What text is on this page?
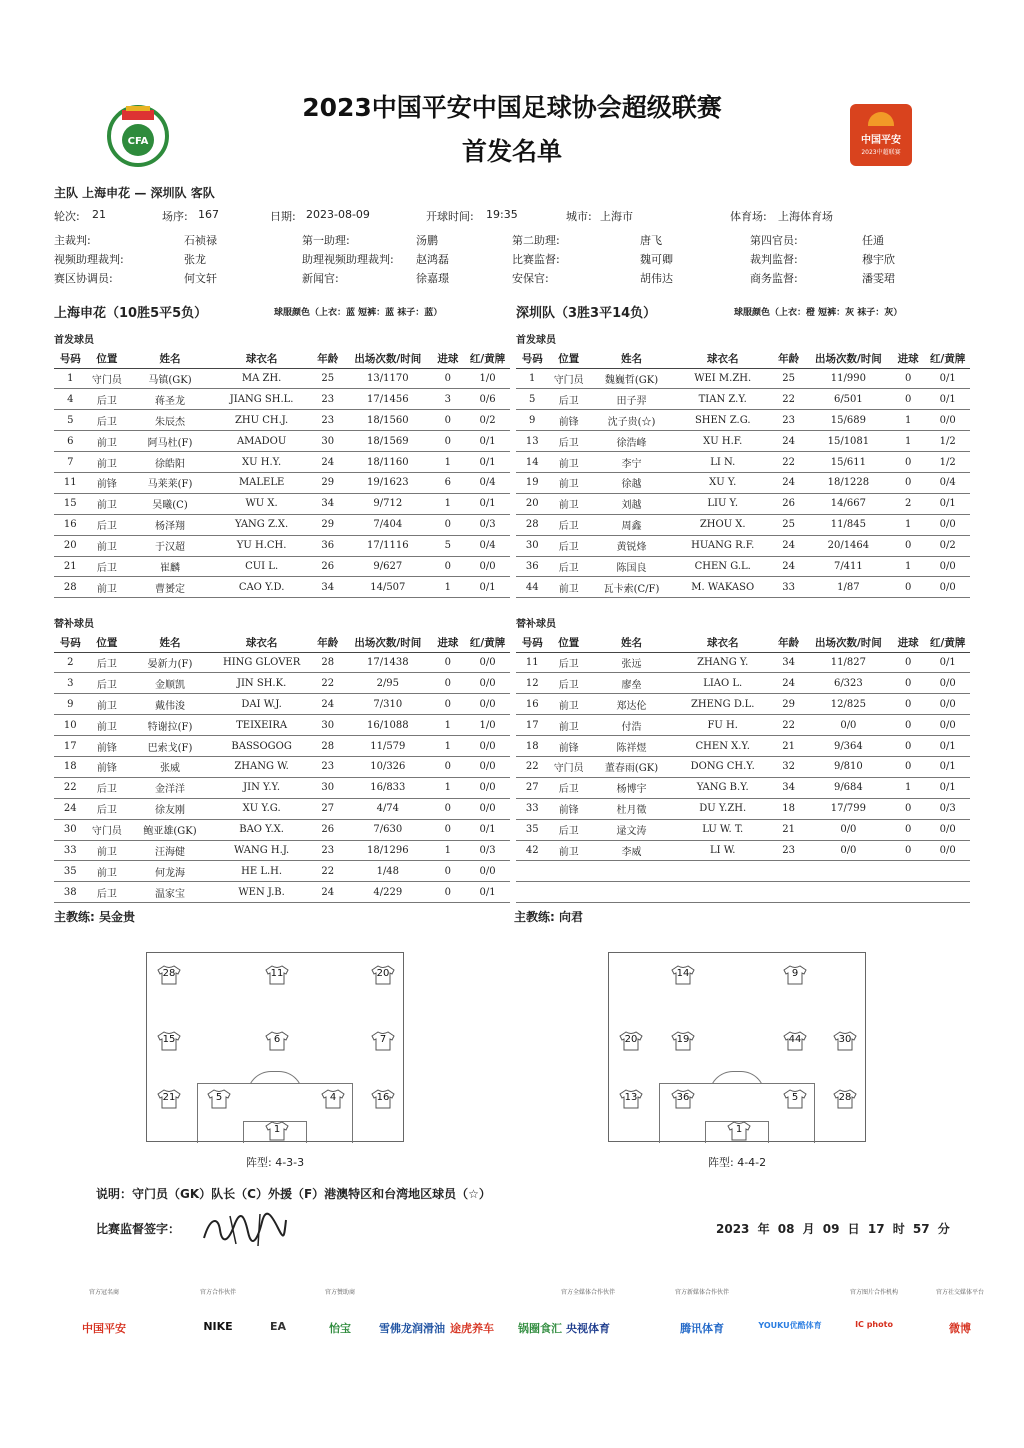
CFA
2023中国平安中国足球协会超级联赛
首发名单	中国平安
2023中超联赛
主队 上海申花 — 深圳队 客队
轮次: 21	场序: 167	日期: 2023-08-09	开球时间: 19:35	城市: 上海市	体育场: 上海体育场
主裁判:	石祯禄	第一助理:	汤鹏	第二助理:	唐飞	第四官员:	任通
视频助理裁判:	张龙	助理视频助理裁判: 赵鸿磊	比赛监督:	魏可卿	裁判监督:	穆宇欣
赛区协调员:	何文轩	新闻官:	徐嘉璟	安保官:	胡伟达	商务监督:	潘雯珺
上海申花（10胜5平5负）	球服颜色（上衣：蓝 短裤：蓝 袜子：蓝）	深圳队（3胜3平14负）	球服颜色（上衣：橙 短裤：灰 袜子：灰）
首发球员	首发球员
号码	位置	姓名	球衣名	年龄	出场次数/时间	进球	红/黄牌
1	守门员	马镇(GK)	MA ZH.	25	13/1170	0	1/0
4	后卫	蒋圣龙	JIANG SH.L.	23	17/1456	3	0/6
5	后卫	朱辰杰	ZHU CH.J.	23	18/1560	0	0/2
6	前卫	阿马杜(F)	AMADOU	30	18/1569	0	0/1
7	前卫	徐皓阳	XU H.Y.	24	18/1160	1	0/1
11	前锋	马莱莱(F)	MALELE	29	19/1623	6	0/4
15	前卫	吴曦(C)	WU X.	34	9/712	1	0/1
16	后卫	杨泽翔	YANG Z.X.	29	7/404	0	0/3
20	前卫	于汉超	YU H.CH.	36	17/1116	5	0/4
21	后卫	崔麟	CUI L.	26	9/627	0	0/0
28	前卫	曹赟定	CAO Y.D.	34	14/507	1	0/1
号码	位置	姓名	球衣名	年龄	出场次数/时间	进球	红/黄牌
1	守门员	魏巍哲(GK)	WEI M.ZH.	25	11/990	0	0/1
5	后卫	田子羿	TIAN Z.Y.	22	6/501	0	0/1
9	前锋	沈子贵(☆)	SHEN Z.G.	23	15/689	1	0/0
13	后卫	徐浩峰	XU H.F.	24	15/1081	1	1/2
14	前卫	李宁	LI N.	22	15/611	0	1/2
19	前卫	徐越	XU Y.	24	18/1228	0	0/4
20	前卫	刘越	LIU Y.	26	14/667	2	0/1
28	后卫	周鑫	ZHOU X.	25	11/845	1	0/0
30	后卫	黄锐烽	HUANG R.F.	24	20/1464	0	0/2
36	后卫	陈国良	CHEN G.L.	24	7/411	1	0/0
44	前卫	瓦卡索(C/F)	M. WAKASO	33	1/87	0	0/0
替补球员	替补球员
号码	位置	姓名	球衣名	年龄	出场次数/时间	进球	红/黄牌
2	后卫	晏新力(F)	HING GLOVER	28	17/1438	0	0/0
3	后卫	金顺凯	JIN SH.K.	22	2/95	0	0/0
9	前卫	戴伟浚	DAI W.J.	24	7/310	0	0/0
10	前卫	特谢拉(F)	TEIXEIRA	30	16/1088	1	1/0
17	前锋	巴索戈(F)	BASSOGOG	28	11/579	1	0/0
18	前锋	张威	ZHANG W.	23	10/326	0	0/0
22	后卫	金洋洋	JIN Y.Y.	30	16/833	1	0/0
24	后卫	徐友刚	XU Y.G.	27	4/74	0	0/0
30	守门员	鲍亚雄(GK)	BAO Y.X.	26	7/630	0	0/1
33	前卫	汪海健	WANG H.J.	23	18/1296	1	0/3
35	前卫	何龙海	HE L.H.	22	1/48	0	0/0
38	后卫	温家宝	WEN J.B.	24	4/229	0	0/1
号码	位置	姓名	球衣名	年龄	出场次数/时间	进球	红/黄牌
11	后卫	张远	ZHANG Y.	34	11/827	0	0/1
12	后卫	廖垒	LIAO L.	24	6/323	0	0/0
16	前卫	郑达伦	ZHENG D.L.	29	12/825	0	0/0
17	前卫	付浩	FU H.	22	0/0	0	0/0
18	前锋	陈祥煜	CHEN X.Y.	21	9/364	0	0/1
22	守门员	董春雨(GK)	DONG CH.Y.	32	9/810	0	0/1
27	后卫	杨博宇	YANG B.Y.	34	9/684	1	0/1
33	前锋	杜月徵	DU Y.ZH.	18	17/799	0	0/3
35	后卫	逯文涛	LU W. T.	21	0/0	0	0/0
42	前卫	李威	LI W.	23	0/0	0	0/0

主教练: 吴金贵	主教练: 向君
28	11	20
15	6	7
21	5	4	16
1
14	9
20	19	44	30
13	36	5	28
1
阵型: 4-3-3	阵型: 4-4-2
说明：守门员（GK）队长（C）外援（F）港澳特区和台湾地区球员（☆）
比赛监督签字：	2023 年 08 月 09 日 17 时 57 分
官方冠名商
中国平安
官方合作伙伴
NIKE	EA
官方赞助商
怡宝	雪佛龙润滑油 途虎养车	锅圈食汇
官方全媒体合作伙伴
央视体育
官方新媒体合作伙伴
腾讯体育	YOUKU优酷体育
官方图片合作机构
IC photo
官方社交媒体平台
微博
